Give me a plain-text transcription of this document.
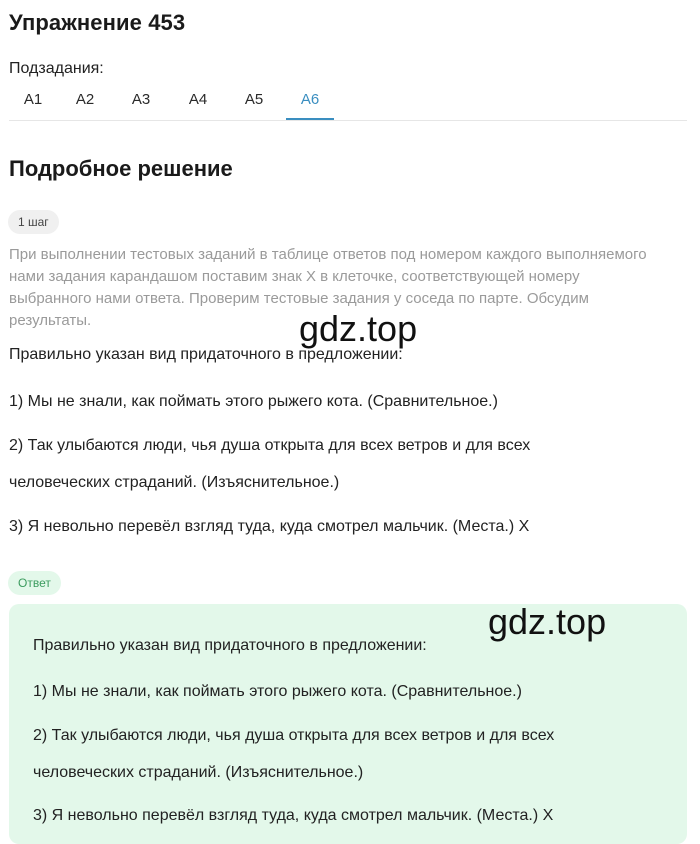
Упражнение 453
Подзадания:
A1	A2	A3	A4	A5	A6
Подробное решение
1 шаг
При выполнении тестовых заданий в таблице ответов под номером каждого выполняемого нами задания карандашом поставим знак X в клеточке, соответствующей номеру выбранного нами ответа. Проверим тестовые задания у соседа по парте. Обсудим результаты.	gdz.top
Правильно указан вид придаточного в предложении:
1) Мы не знали, как поймать этого рыжего кота. (Сравнительное.)
2) Так улыбаются люди, чья душа открыта для всех ветров и для всех
человеческих страданий. (Изъяснительное.)
3) Я невольно перевёл взгляд туда, куда смотрел мальчик. (Места.) X
Ответ
gdz.top
Правильно указан вид придаточного в предложении:
1) Мы не знали, как поймать этого рыжего кота. (Сравнительное.)
2) Так улыбаются люди, чья душа открыта для всех ветров и для всех
человеческих страданий. (Изъяснительное.)
3) Я невольно перевёл взгляд туда, куда смотрел мальчик. (Места.) X
